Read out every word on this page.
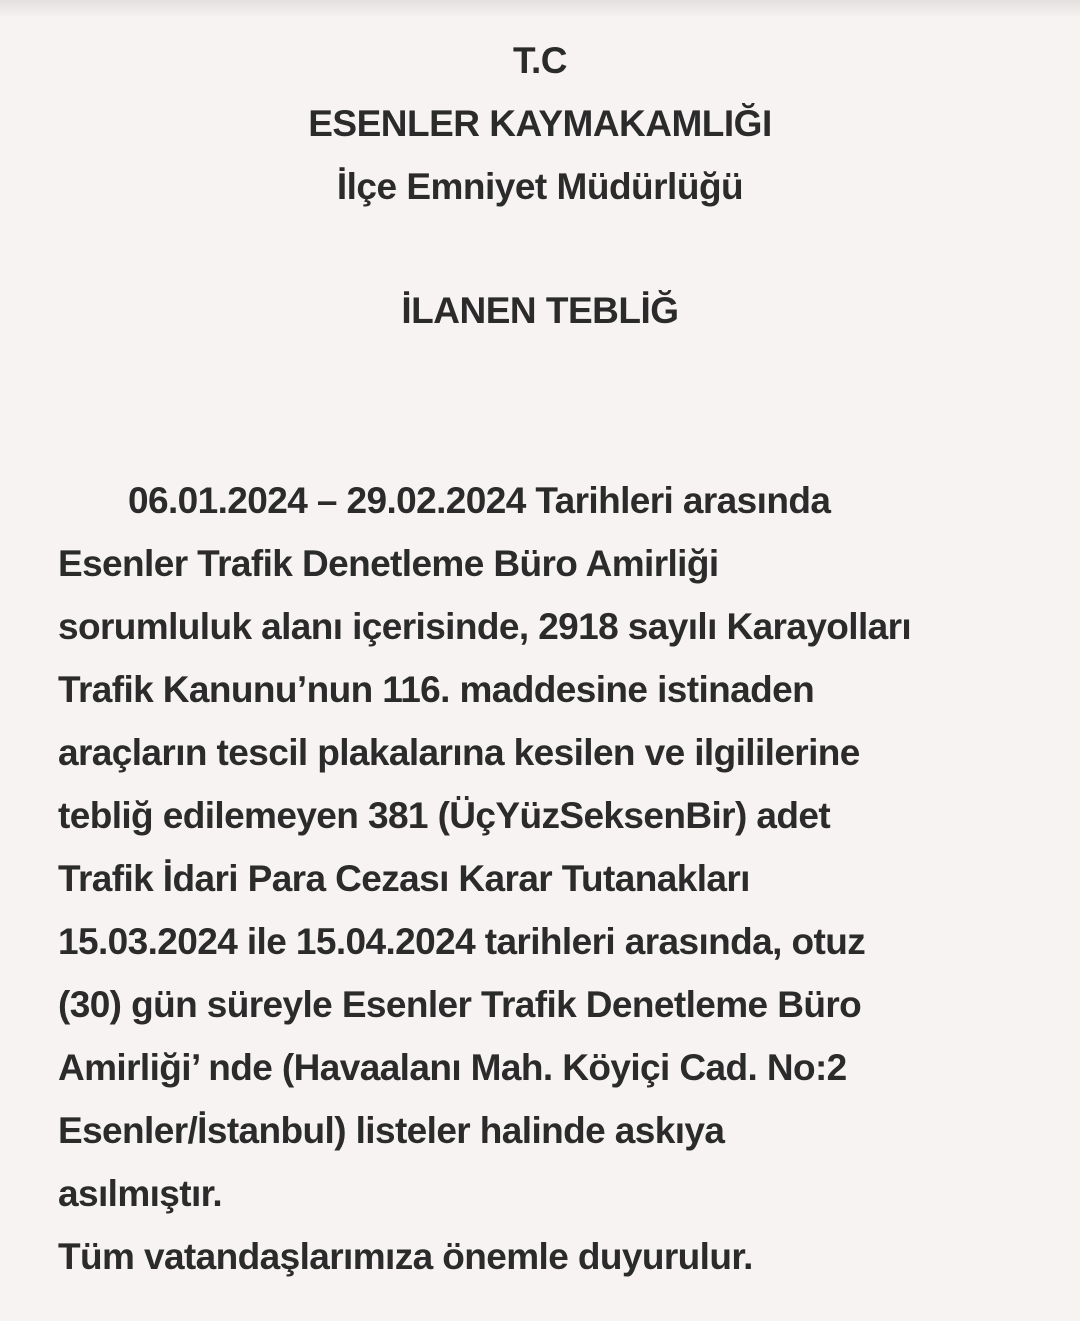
T.C
ESENLER KAYMAKAMLIĞI
İlçe Emniyet Müdürlüğü
İLANEN TEBLİĞ
06.01.2024 – 29.02.2024 Tarihleri arasında
Esenler Trafik Denetleme Büro Amirliği
sorumluluk alanı içerisinde, 2918 sayılı Karayolları
Trafik Kanunu’nun 116. maddesine istinaden
araçların tescil plakalarına kesilen ve ilgililerine
tebliğ edilemeyen 381 (ÜçYüzSeksenBir) adet
Trafik İdari Para Cezası Karar Tutanakları
15.03.2024 ile 15.04.2024 tarihleri arasında, otuz
(30) gün süreyle Esenler Trafik Denetleme Büro
Amirliği’ nde (Havaalanı Mah. Köyiçi Cad. No:2
Esenler/İstanbul) listeler halinde askıya
asılmıştır.
Tüm vatandaşlarımıza önemle duyurulur.
